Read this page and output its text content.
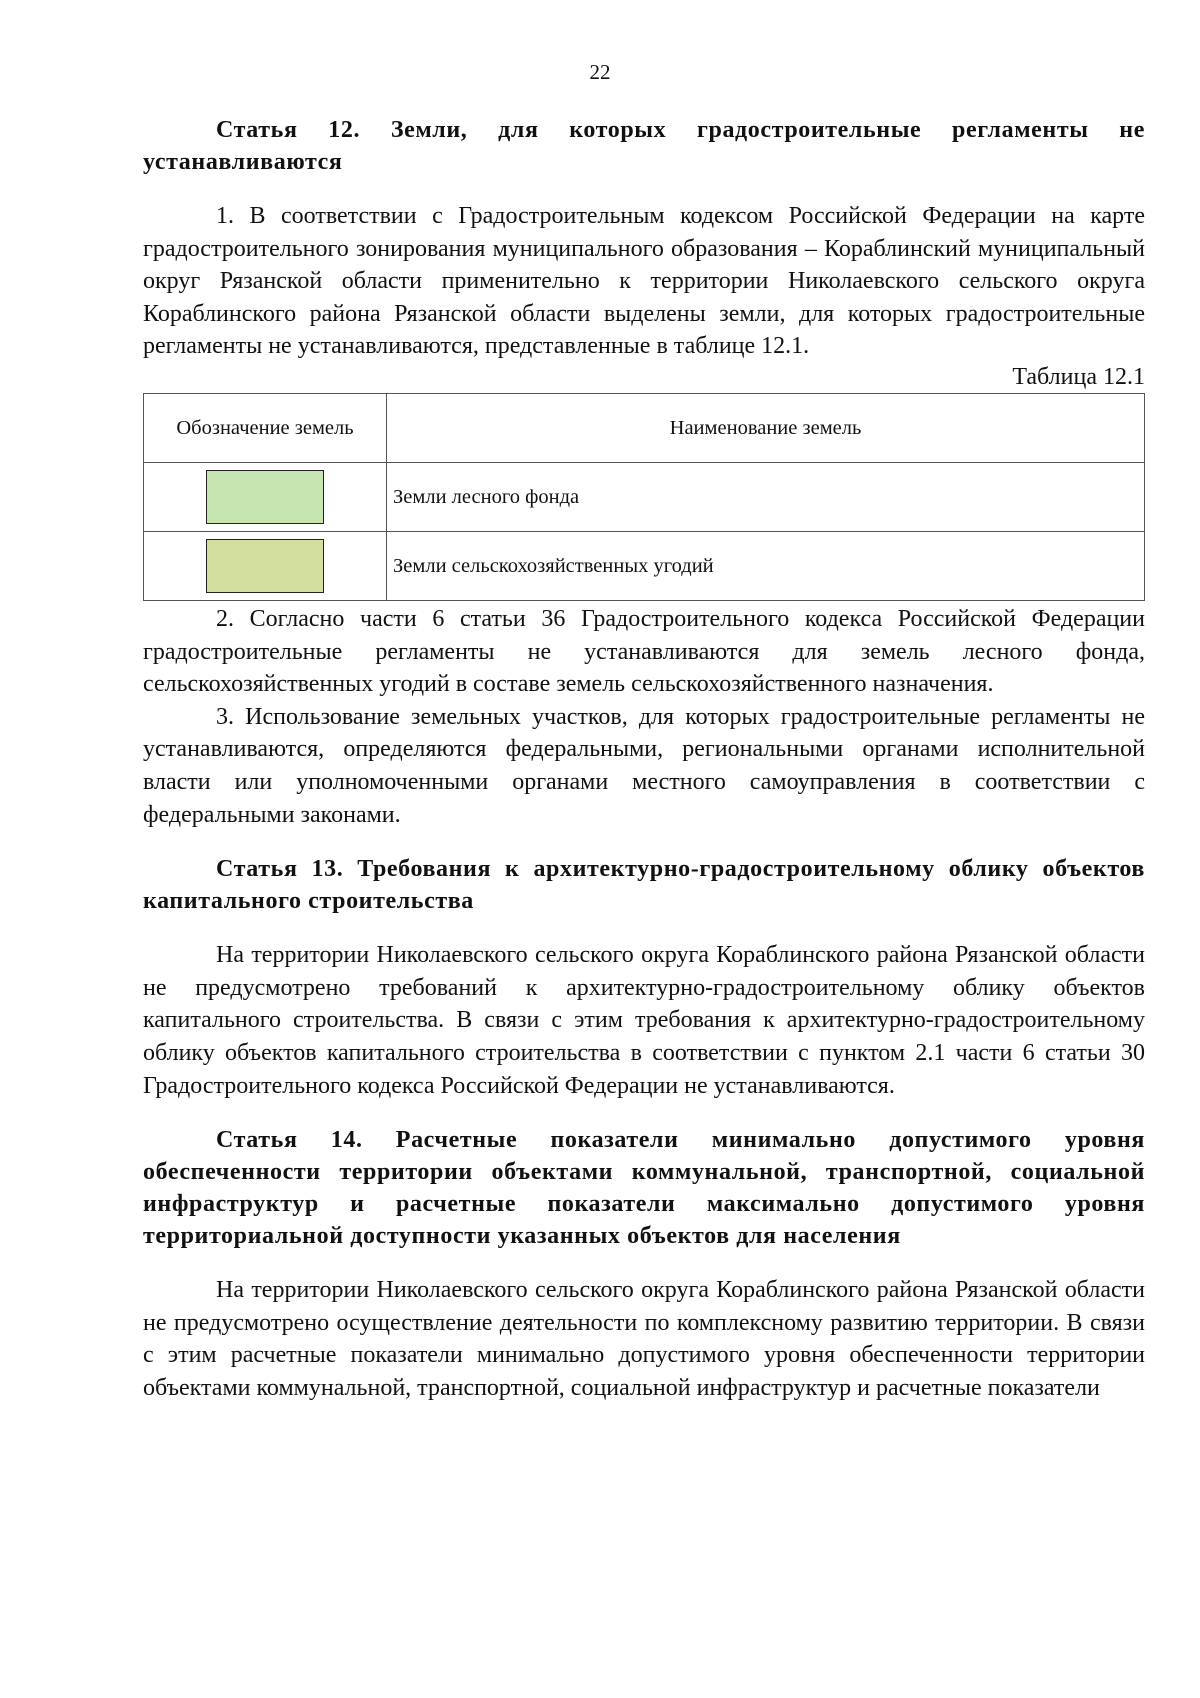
22

Статья 12. Земли, для которых градостроительные регламенты не устанавливаются

1. В соответствии с Градостроительным кодексом Российской Федерации на карте градостроительного зонирования муниципального образования – Кораблинский муниципальный округ Рязанской области применительно к территории Николаевского сельского округа Кораблинского района Рязанской области выделены земли, для которых градостроительные регламенты не устанавливаются, представленные в таблице 12.1.

Таблица 12.1

Обозначение земель	Наименование земель
	Земли лесного фонда
	Земли сельскохозяйственных угодий

2. Согласно части 6 статьи 36 Градостроительного кодекса Российской Федерации градостроительные регламенты не устанавливаются для земель лесного фонда, сельскохозяйственных угодий в составе земель сельскохозяйственного назначения.

3. Использование земельных участков, для которых градостроительные регламенты не устанавливаются, определяются федеральными, региональными органами исполнительной власти или уполномоченными органами местного самоуправления в соответствии с федеральными законами.

Статья 13. Требования к архитектурно-градостроительному облику объектов капитального строительства

На территории Николаевского сельского округа Кораблинского района Рязанской области не предусмотрено требований к архитектурно-градостроительному облику объектов капитального строительства. В связи с этим требования к архитектурно-градостроительному облику объектов капитального строительства в соответствии с пунктом 2.1 части 6 статьи 30 Градостроительного кодекса Российской Федерации не устанавливаются.

Статья 14. Расчетные показатели минимально допустимого уровня обеспеченности территории объектами коммунальной, транспортной, социальной инфраструктур и расчетные показатели максимально допустимого уровня территориальной доступности указанных объектов для населения

На территории Николаевского сельского округа Кораблинского района Рязанской области не предусмотрено осуществление деятельности по комплексному развитию территории. В связи с этим расчетные показатели минимально допустимого уровня обеспеченности территории объектами коммунальной, транспортной, социальной инфраструктур и расчетные показатели
